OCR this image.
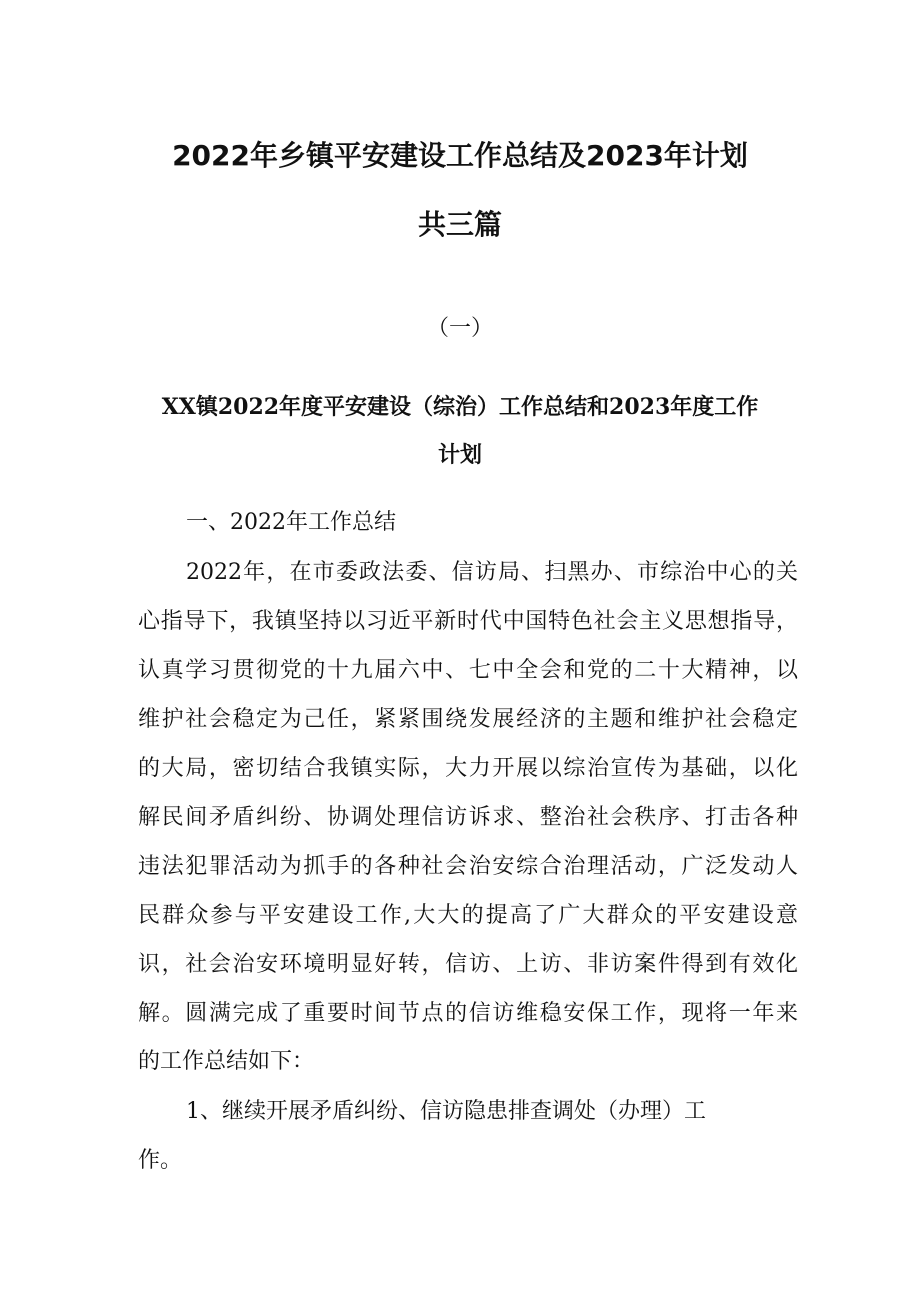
2022年乡镇平安建设工作总结及2023年计划
共三篇
（一）
XX镇2022年度平安建设（综治）工作总结和2023年度工作
计划
一、2022年工作总结
2022年，在市委政法委、信访局、扫黑办、市综治中心的关
心指导下，我镇坚持以习近平新时代中国特色社会主义思想指导，
认真学习贯彻党的十九届六中、七中全会和党的二十大精神，以
维护社会稳定为己任，紧紧围绕发展经济的主题和维护社会稳定
的大局，密切结合我镇实际，大力开展以综治宣传为基础，以化
解民间矛盾纠纷、协调处理信访诉求、整治社会秩序、打击各种
违法犯罪活动为抓手的各种社会治安综合治理活动，广泛发动人
民群众参与平安建设工作,大大的提高了广大群众的平安建设意
识，社会治安环境明显好转，信访、上访、非访案件得到有效化
解。圆满完成了重要时间节点的信访维稳安保工作，现将一年来
的工作总结如下：
1、继续开展矛盾纠纷、信访隐患排查调处（办理）工
作。
